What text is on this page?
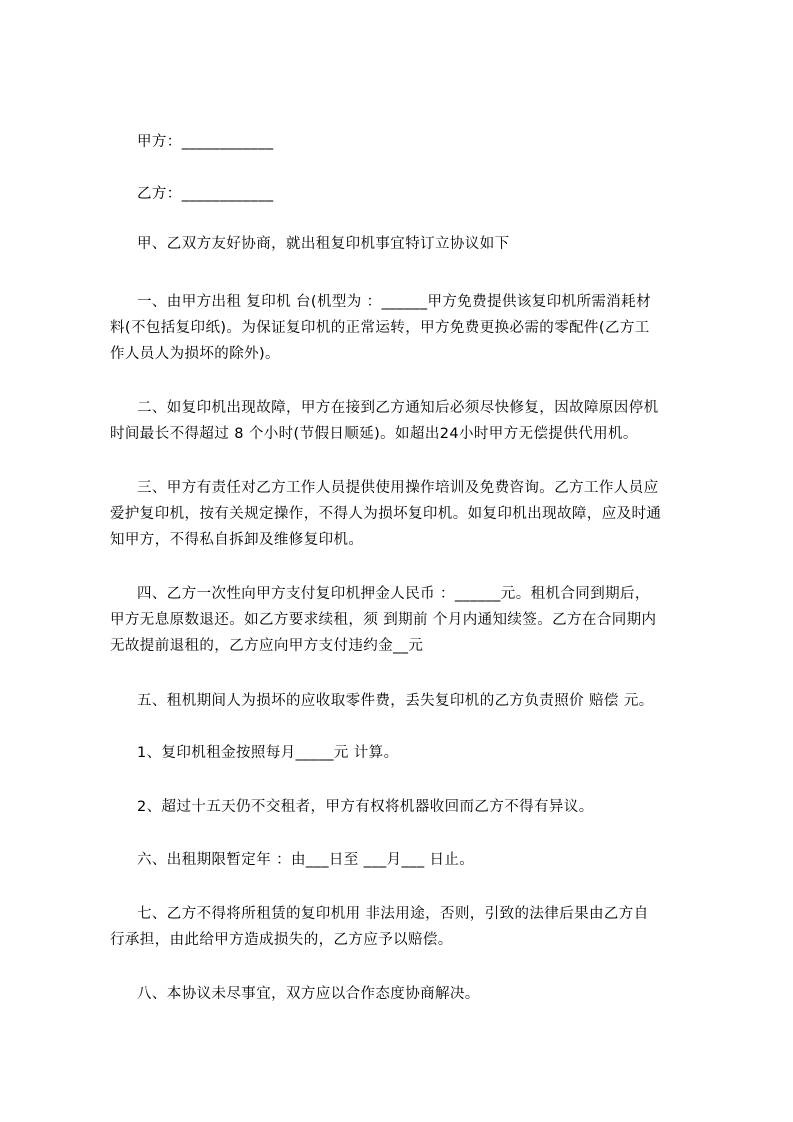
甲方：____________
乙方：____________
甲、乙双方友好协商，就出租复印机事宜特订立协议如下
一、由甲方出租 复印机 台(机型为 ：______甲方免费提供该复印机所需消耗材
料(不包括复印纸)。为保证复印机的正常运转，甲方免费更换必需的零配件(乙方工
作人员人为损坏的除外)。
二、如复印机出现故障，甲方在接到乙方通知后必须尽快修复，因故障原因停机
时间最长不得超过 8 个小时(节假日顺延)。如超出24小时甲方无偿提供代用机。
三、甲方有责任对乙方工作人员提供使用操作培训及免费咨询。乙方工作人员应
爱护复印机，按有关规定操作，不得人为损坏复印机。如复印机出现故障，应及时通
知甲方，不得私自拆卸及维修复印机。
四、乙方一次性向甲方支付复印机押金人民币 ：______元。租机合同到期后，
甲方无息原数退还。如乙方要求续租，须 到期前 个月内通知续签。乙方在合同期内
无故提前退租的，乙方应向甲方支付违约金__元
五、租机期间人为损坏的应收取零件费，丢失复印机的乙方负责照价 赔偿 元。
1、复印机租金按照每月_____元 计算。
2、超过十五天仍不交租者，甲方有权将机器收回而乙方不得有异议。
六、出租期限暂定年 ：由___日至 ___月___ 日止。
七、乙方不得将所租赁的复印机用 非法用途，否则，引致的法律后果由乙方自
行承担，由此给甲方造成损失的，乙方应予以赔偿。
八、本协议未尽事宜，双方应以合作态度协商解决。
